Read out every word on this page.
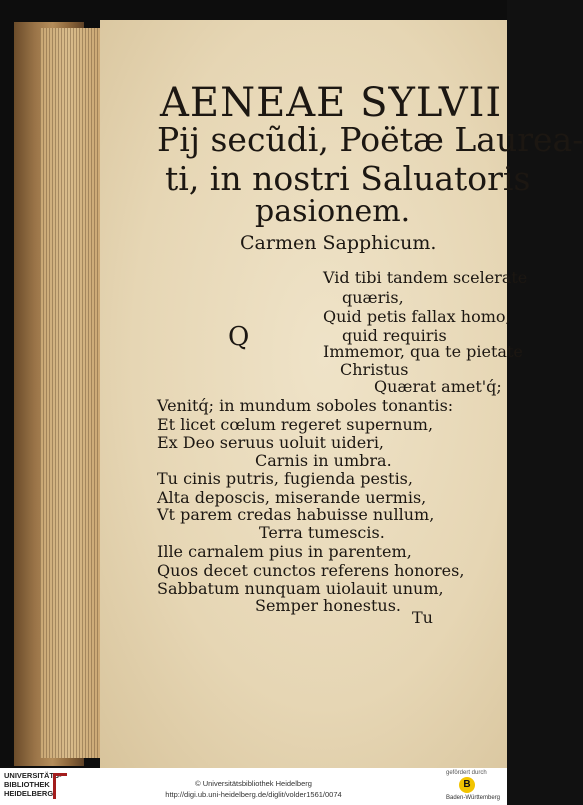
AENEAE SYLVII
Pij secũdi, Poëtæ Laurea-
ti, in nostri Saluatoris
pasionem.
Carmen Sapphicum.
Q
Vid tibi tandem scelerate
quæris,
Quid petis fallax homo,
quid requiris
Immemor, qua te pietate
Christus
Quærat amet'q́;
Venitq́; in mundum soboles tonantis:
Et licet cœlum regeret supernum,
Ex Deo seruus uoluit uideri,
Carnis in umbra.
Tu cinis putris, fugienda pestis,
Alta deposcis, miserande uermis,
Vt parem credas habuisse nullum,
Terra tumescis.
Ille carnalem pius in parentem,
Quos decet cunctos referens honores,
Sabbatum nunquam uiolauit unum,
Semper honestus.
Tu
UNIVERSITÄTS-
BIBLIOTHEK
HEIDELBERG
© Universitätsbibliothek Heidelberg
http://digi.ub.uni-heidelberg.de/diglit/volder1561/0074
gefördert durch
B
Baden-Württemberg
